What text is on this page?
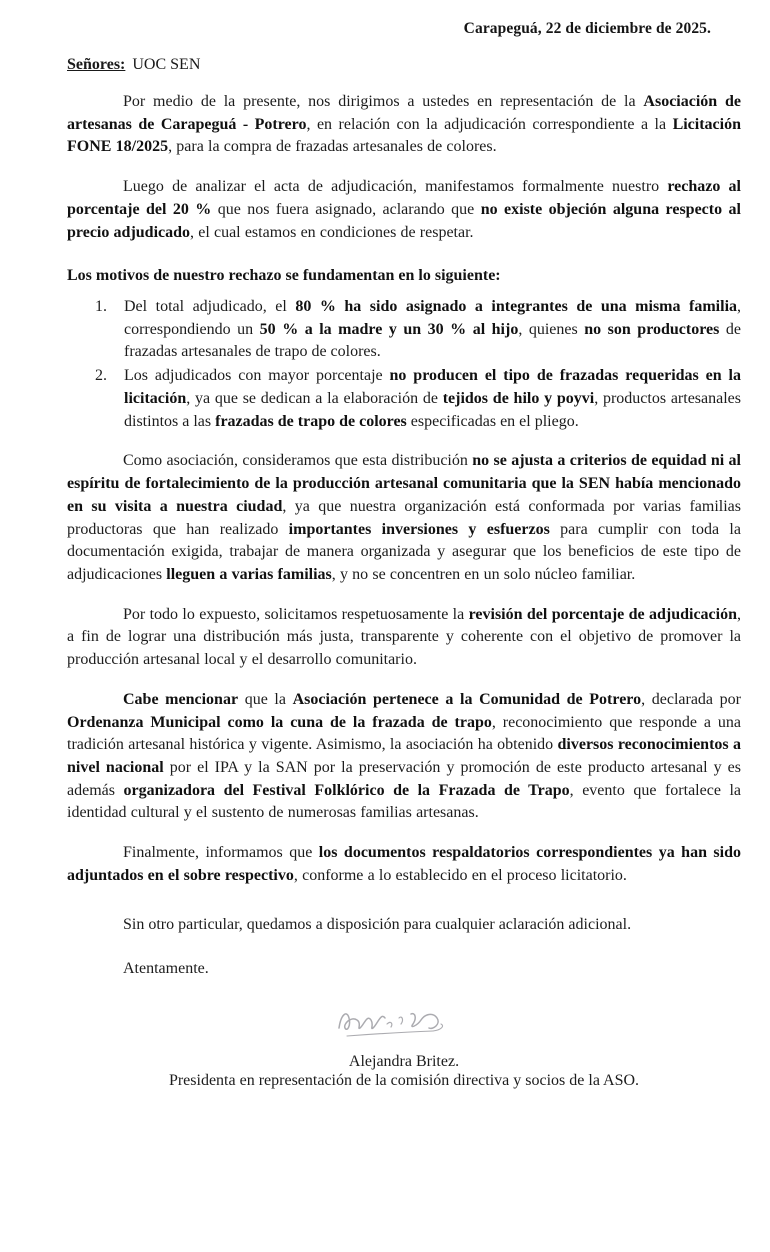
Carapeguá, 22 de diciembre de 2025.
Señores: UOC SEN

Por medio de la presente, nos dirigimos a ustedes en representación de la Asociación de artesanas de Carapeguá - Potrero, en relación con la adjudicación correspondiente a la Licitación FONE 18/2025, para la compra de frazadas artesanales de colores.

Luego de analizar el acta de adjudicación, manifestamos formalmente nuestro rechazo al porcentaje del 20 % que nos fuera asignado, aclarando que no existe objeción alguna respecto al precio adjudicado, el cual estamos en condiciones de respetar.

Los motivos de nuestro rechazo se fundamentan en lo siguiente:

Del total adjudicado, el 80 % ha sido asignado a integrantes de una misma familia, correspondiendo un 50 % a la madre y un 30 % al hijo, quienes no son productores de frazadas artesanales de trapo de colores.
Los adjudicados con mayor porcentaje no producen el tipo de frazadas requeridas en la licitación, ya que se dedican a la elaboración de tejidos de hilo y poyvi, productos artesanales distintos a las frazadas de trapo de colores especificadas en el pliego.

Como asociación, consideramos que esta distribución no se ajusta a criterios de equidad ni al espíritu de fortalecimiento de la producción artesanal comunitaria que la SEN había mencionado en su visita a nuestra ciudad, ya que nuestra organización está conformada por varias familias productoras que han realizado importantes inversiones y esfuerzos para cumplir con toda la documentación exigida, trabajar de manera organizada y asegurar que los beneficios de este tipo de adjudicaciones lleguen a varias familias, y no se concentren en un solo núcleo familiar.

Por todo lo expuesto, solicitamos respetuosamente la revisión del porcentaje de adjudicación, a fin de lograr una distribución más justa, transparente y coherente con el objetivo de promover la producción artesanal local y el desarrollo comunitario.

Cabe mencionar que la Asociación pertenece a la Comunidad de Potrero, declarada por Ordenanza Municipal como la cuna de la frazada de trapo, reconocimiento que responde a una tradición artesanal histórica y vigente. Asimismo, la asociación ha obtenido diversos reconocimientos a nivel nacional por el IPA y la SAN por la preservación y promoción de este producto artesanal y es además organizadora del Festival Folklórico de la Frazada de Trapo, evento que fortalece la identidad cultural y el sustento de numerosas familias artesanas.

Finalmente, informamos que los documentos respaldatorios correspondientes ya han sido adjuntados en el sobre respectivo, conforme a lo establecido en el proceso licitatorio.

Sin otro particular, quedamos a disposición para cualquier aclaración adicional.

Atentamente.

Alejandra Britez.
Presidenta en representación de la comisión directiva y socios de la ASO.
